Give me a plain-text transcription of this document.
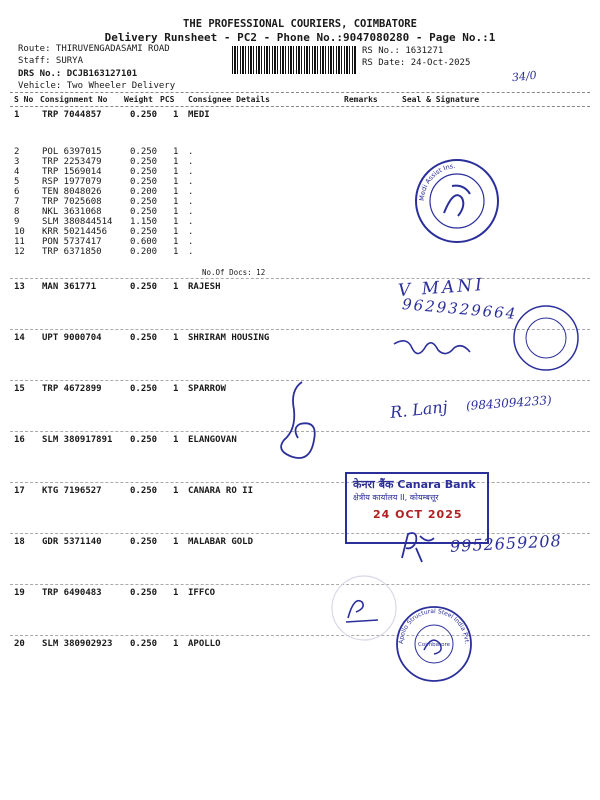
THE PROFESSIONAL COURIERS, COIMBATORE
Delivery Runsheet - PC2 - Phone No.:9047080280 - Page No.:1
Route: THIRUVENGADASAMI ROAD
Staff: SURYA
DRS No.: DCJB163127101
Vehicle: Two Wheeler Delivery
RS No.: 1631271
RS Date: 24-Oct-2025
34/0
S No Consignment No Weight PCS Consignee Details	Remarks	Seal & Signature
1	TRP 7044857	0.250 1 MEDI
2	POL 6397015	0.250 1 .
3	TRP 2253479	0.250 1 .
4	TRP 1569014	0.250 1 .
5	RSP 1977079	0.250 1 .
6	TEN 8048026	0.200 1 .
7	TRP 7025608	0.250 1 .
8	NKL 3631068	0.250 1 .
9	SLM 380844514 1.150 1 .
10 KRR 50214456	0.250 1 .
11 PON 5737417	0.600 1 .
12 TRP 6371850	0.200 1 .
13 MAN 361771	0.250 1 RAJESH
14 UPT 9000704	0.250 1 SHRIRAM HOUSING
15 TRP 4672899	0.250 1 SPARROW
16 SLM 380917891 0.250 1 ELANGOVAN
17 KTG 7196527	0.250 1 CANARA RO II
18 GDR 5371140	0.250 1 MALABAR GOLD
19 TRP 6490483	0.250 1 IFFCO
20 SLM 380902923 0.250 1 APOLLO
No.Of Docs: 12
Medi Assist Ins.
V MANI
9629329664
R. Lanj (9843094233)
केनरा बैंक Canara Bank
क्षेत्रीय कार्यालय II, कोयम्बत्तूर
24 OCT 2025
9952659208
Apollo Structural Steel India Pvt. Ltd.
Coimbatore
